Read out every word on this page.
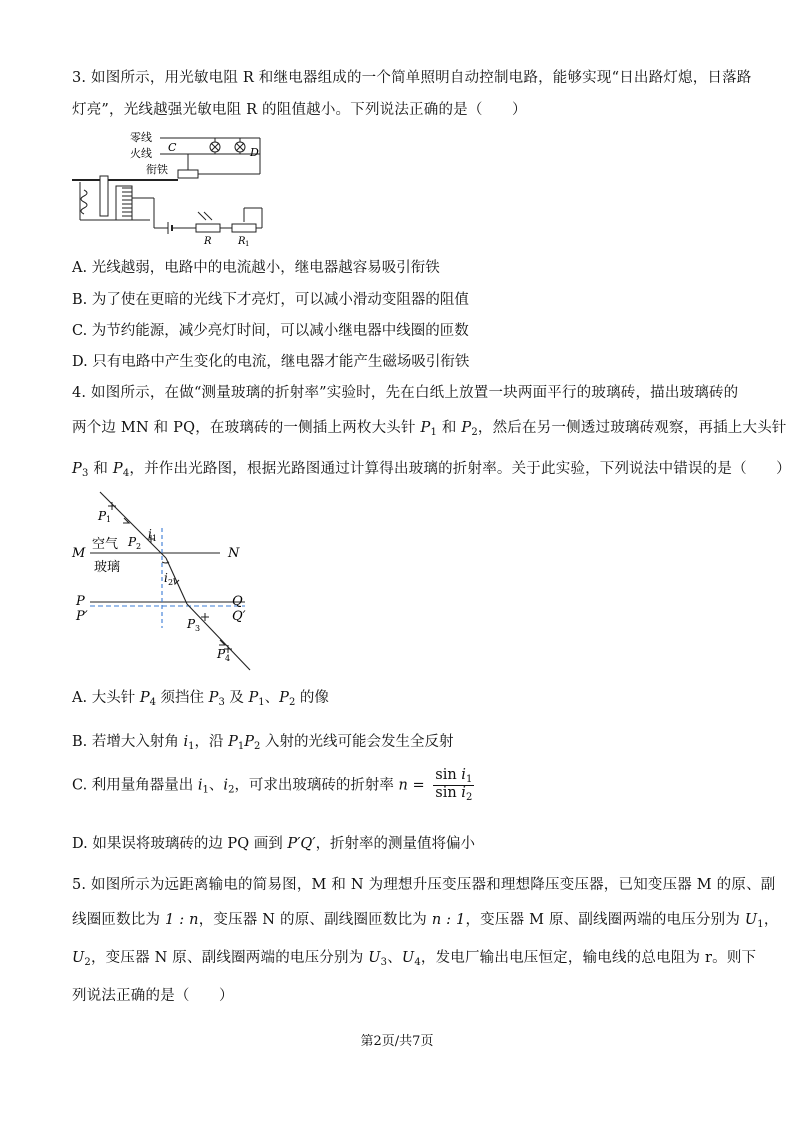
3. 如图所示，用光敏电阻 R 和继电器组成的一个简单照明自动控制电路，能够实现“日出路灯熄，日落路
灯亮”，光线越强光敏电阻 R 的阻值越小。下列说法正确的是（　　）
零线
火线
衔铁
C	D
R	R 1
A. 光线越弱，电路中的电流越小，继电器越容易吸引衔铁
B. 为了使在更暗的光线下才亮灯，可以减小滑动变阻器的阻值
C. 为节约能源，减少亮灯时间，可以减小继电器中线圈的匝数
D. 只有电路中产生变化的电流，继电器才能产生磁场吸引衔铁
4. 如图所示，在做“测量玻璃的折射率”实验时，先在白纸上放置一块两面平行的玻璃砖，描出玻璃砖的
两个边 MN 和 PQ，在玻璃砖的一侧插上两枚大头针 $P_1$ 和 $P_2$，然后在另一侧透过玻璃砖观察，再插上大头针
$P_3$ 和 $P_4$，并作出光路图，根据光路图通过计算得出玻璃的折射率。关于此实验，下列说法中错误的是（　　）
P 1
P 2
i 1
i 2
P 3
P 4
M	N
空气
玻璃
P
P′
Q
Q′
A. 大头针 $P_4$ 须挡住 $P_3$ 及 $P_1$、$P_2$ 的像
B. 若增大入射角 $i_1$，沿 $P_1P_2$ 入射的光线可能会发生全反射
C. 利用量角器量出 $i_1$、$i_2$，可求出玻璃砖的折射率 $n = \frac{\sin i_1}{\sin i_2}$
D. 如果误将玻璃砖的边 PQ 画到 P′Q′，折射率的测量值将偏小
5. 如图所示为远距离输电的简易图，M 和 N 为理想升压变压器和理想降压变压器，已知变压器 M 的原、副
线圈匝数比为 1 : n，变压器 N 的原、副线圈匝数比为 n : 1，变压器 M 原、副线圈两端的电压分别为 $U_1$，
$U_2$，变压器 N 原、副线圈两端的电压分别为 $U_3$、$U_4$，发电厂输出电压恒定，输电线的总电阻为 r。则下
列说法正确的是（　　）
第2页/共7页
